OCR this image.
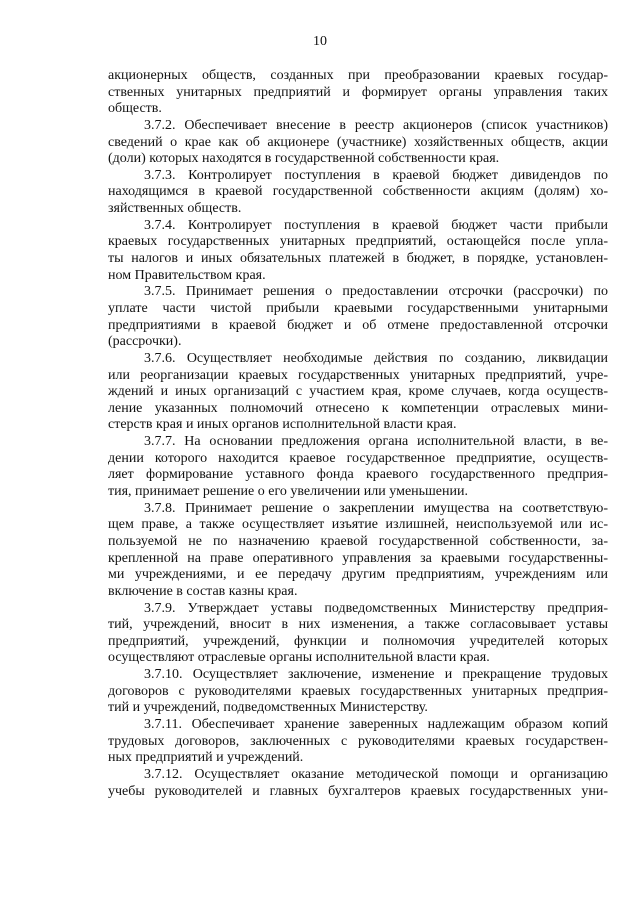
10
акционерных обществ, созданных при преобразовании краевых государ-
ственных унитарных предприятий и формирует органы управления таких
обществ.
3.7.2. Обеспечивает внесение в реестр акционеров (список участников)
сведений о крае как об акционере (участнике) хозяйственных обществ, акции
(доли) которых находятся в государственной собственности края.
3.7.3. Контролирует поступления в краевой бюджет дивидендов по
находящимся в краевой государственной собственности акциям (долям) хо-
зяйственных обществ.
3.7.4. Контролирует поступления в краевой бюджет части прибыли
краевых государственных унитарных предприятий, остающейся после упла-
ты налогов и иных обязательных платежей в бюджет, в порядке, установлен-
ном Правительством края.
3.7.5. Принимает решения о предоставлении отсрочки (рассрочки) по
уплате части чистой прибыли краевыми государственными унитарными
предприятиями в краевой бюджет и об отмене предоставленной отсрочки
(рассрочки).
3.7.6. Осуществляет необходимые действия по созданию, ликвидации
или реорганизации краевых государственных унитарных предприятий, учре-
ждений и иных организаций с участием края, кроме случаев, когда осуществ-
ление указанных полномочий отнесено к компетенции отраслевых мини-
стерств края и иных органов исполнительной власти края.
3.7.7. На основании предложения органа исполнительной власти, в ве-
дении которого находится краевое государственное предприятие, осуществ-
ляет формирование уставного фонда краевого государственного предприя-
тия, принимает решение о его увеличении или уменьшении.
3.7.8. Принимает решение о закреплении имущества на соответствую-
щем праве, а также осуществляет изъятие излишней, неиспользуемой или ис-
пользуемой не по назначению краевой государственной собственности, за-
крепленной на праве оперативного управления за краевыми государственны-
ми учреждениями, и ее передачу другим предприятиям, учреждениям или
включение в состав казны края.
3.7.9. Утверждает уставы подведомственных Министерству предприя-
тий, учреждений, вносит в них изменения, а также согласовывает уставы
предприятий, учреждений, функции и полномочия учредителей которых
осуществляют отраслевые органы исполнительной власти края.
3.7.10. Осуществляет заключение, изменение и прекращение трудовых
договоров с руководителями краевых государственных унитарных предприя-
тий и учреждений, подведомственных Министерству.
3.7.11. Обеспечивает хранение заверенных надлежащим образом копий
трудовых договоров, заключенных с руководителями краевых государствен-
ных предприятий и учреждений.
3.7.12. Осуществляет оказание методической помощи и организацию
учебы руководителей и главных бухгалтеров краевых государственных уни-
